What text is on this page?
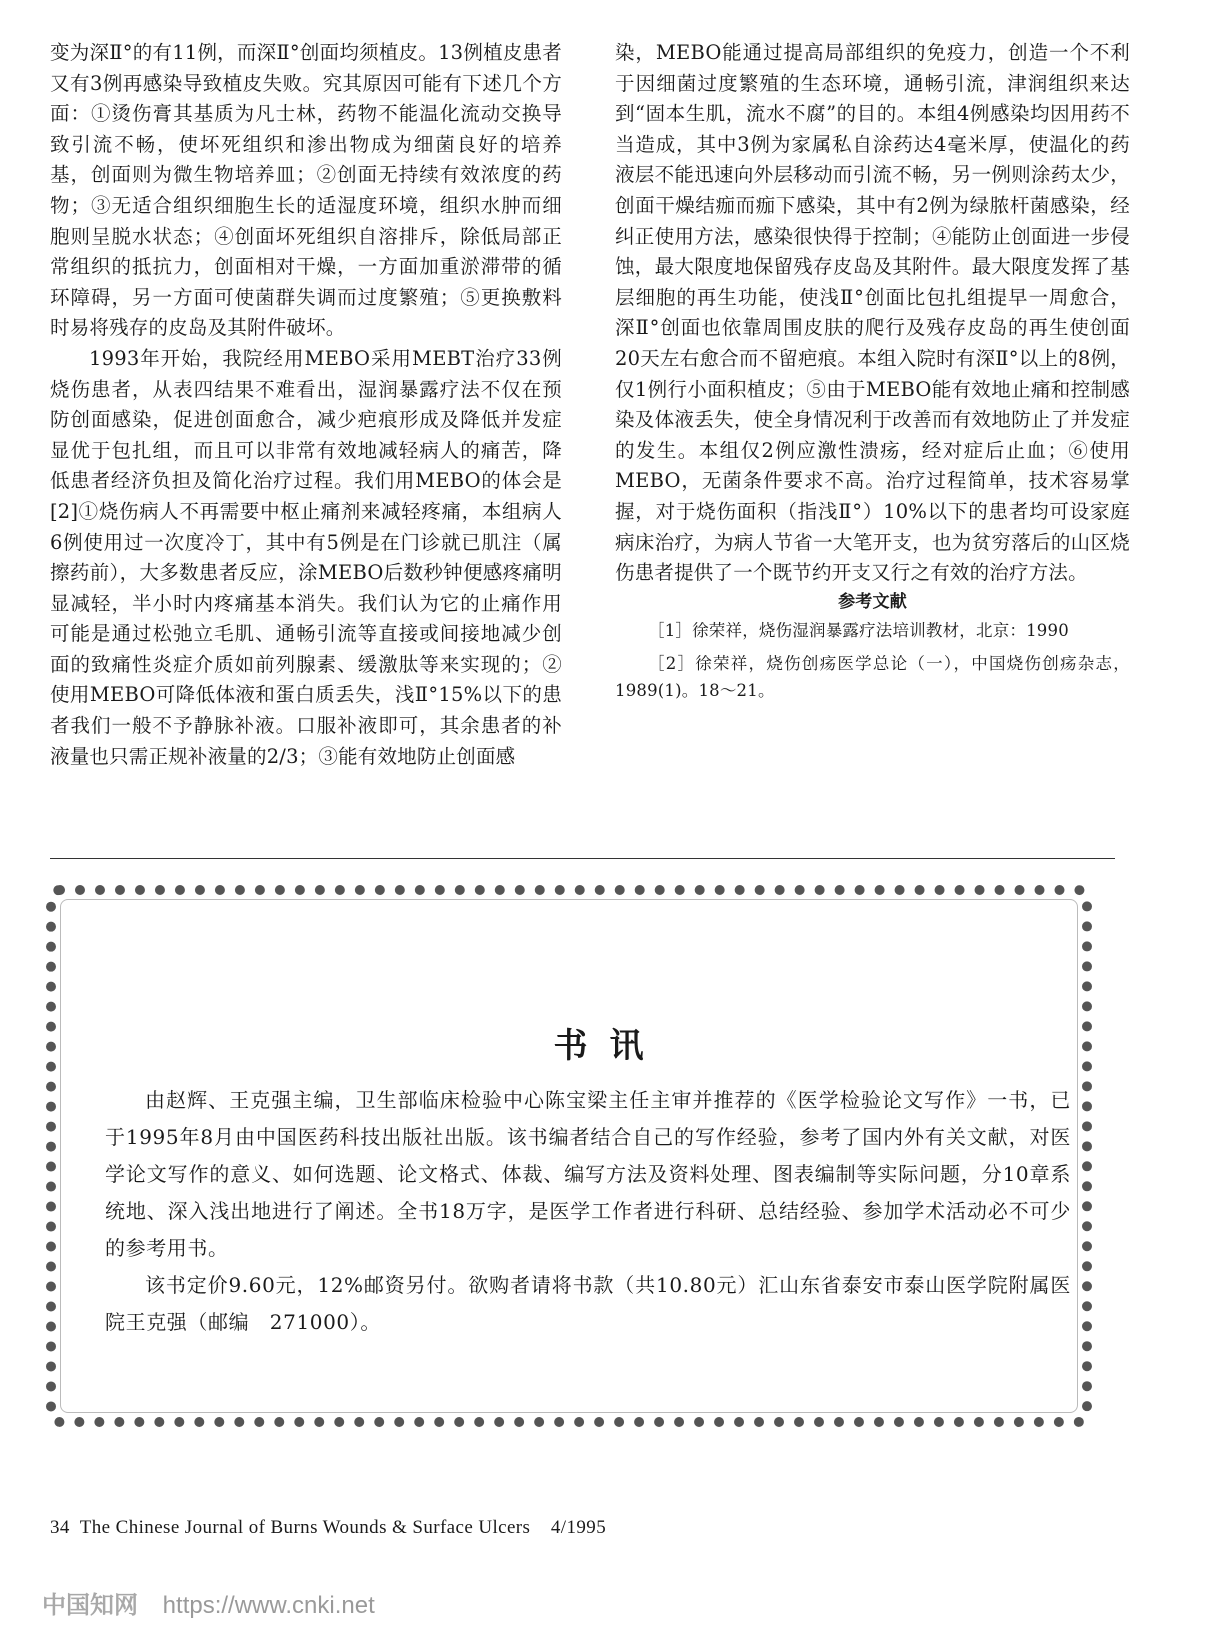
变为深Ⅱ°的有11例，而深Ⅱ°创面均须植皮。13例植皮患者又有3例再感染导致植皮失败。究其原因可能有下述几个方面：①烫伤膏其基质为凡士林，药物不能温化流动交换导致引流不畅，使坏死组织和渗出物成为细菌良好的培养基，创面则为微生物培养皿；②创面无持续有效浓度的药物；③无适合组织细胞生长的适湿度环境，组织水肿而细胞则呈脱水状态；④创面坏死组织自溶排斥，除低局部正常组织的抵抗力，创面相对干燥，一方面加重淤滞带的循环障碍，另一方面可使菌群失调而过度繁殖；⑤更换敷料时易将残存的皮岛及其附件破坏。

1993年开始，我院经用MEBO采用MEBT治疗33例烧伤患者，从表四结果不难看出，湿润暴露疗法不仅在预防创面感染，促进创面愈合，减少疤痕形成及降低并发症显优于包扎组，而且可以非常有效地减轻病人的痛苦，降低患者经济负担及简化治疗过程。我们用MEBO的体会是[2]①烧伤病人不再需要中枢止痛剂来减轻疼痛，本组病人6例使用过一次度冷丁，其中有5例是在门诊就已肌注（属擦药前），大多数患者反应，涂MEBO后数秒钟便感疼痛明显减轻，半小时内疼痛基本消失。我们认为它的止痛作用可能是通过松弛立毛肌、通畅引流等直接或间接地减少创面的致痛性炎症介质如前列腺素、缓激肽等来实现的；②使用MEBO可降低体液和蛋白质丢失，浅Ⅱ°15%以下的患者我们一般不予静脉补液。口服补液即可，其余患者的补液量也只需正规补液量的2/3；③能有效地防止创面感

染，MEBO能通过提高局部组织的免疫力，创造一个不利于因细菌过度繁殖的生态环境，通畅引流，津润组织来达到“固本生肌，流水不腐”的目的。本组4例感染均因用药不当造成，其中3例为家属私自涂药达4毫米厚，使温化的药液层不能迅速向外层移动而引流不畅，另一例则涂药太少，创面干燥结痂而痂下感染，其中有2例为绿脓杆菌感染，经纠正使用方法，感染很快得于控制；④能防止创面进一步侵蚀，最大限度地保留残存皮岛及其附件。最大限度发挥了基层细胞的再生功能，使浅Ⅱ°创面比包扎组提早一周愈合，深Ⅱ°创面也依靠周围皮肤的爬行及残存皮岛的再生使创面20天左右愈合而不留疤痕。本组入院时有深Ⅱ°以上的8例，仅1例行小面积植皮；⑤由于MEBO能有效地止痛和控制感染及体液丢失，使全身情况利于改善而有效地防止了并发症的发生。本组仅2例应激性溃疡，经对症后止血；⑥使用MEBO，无菌条件要求不高。治疗过程简单，技术容易掌握，对于烧伤面积（指浅Ⅱ°）10%以下的患者均可设家庭病床治疗，为病人节省一大笔开支，也为贫穷落后的山区烧伤患者提供了一个既节约开支又行之有效的治疗方法。

参考文献

［1］徐荣祥，烧伤湿润暴露疗法培训教材，北京：1990

［2］徐荣祥，烧伤创疡医学总论（一），中国烧伤创疡杂志，1989(1)。18～21。

书讯

由赵辉、王克强主编，卫生部临床检验中心陈宝梁主任主审并推荐的《医学检验论文写作》一书，已于1995年8月由中国医药科技出版社出版。该书编者结合自己的写作经验，参考了国内外有关文献，对医学论文写作的意义、如何选题、论文格式、体裁、编写方法及资料处理、图表编制等实际问题，分10章系统地、深入浅出地进行了阐述。全书18万字，是医学工作者进行科研、总结经验、参加学术活动必不可少的参考用书。

该书定价9.60元，12%邮资另付。欲购者请将书款（共10.80元）汇山东省泰安市泰山医学院附属医院王克强（邮编　271000）。

34  The Chinese Journal of Burns Wounds & Surface Ulcers    4/1995
中国知网 https://www.cnki.net
